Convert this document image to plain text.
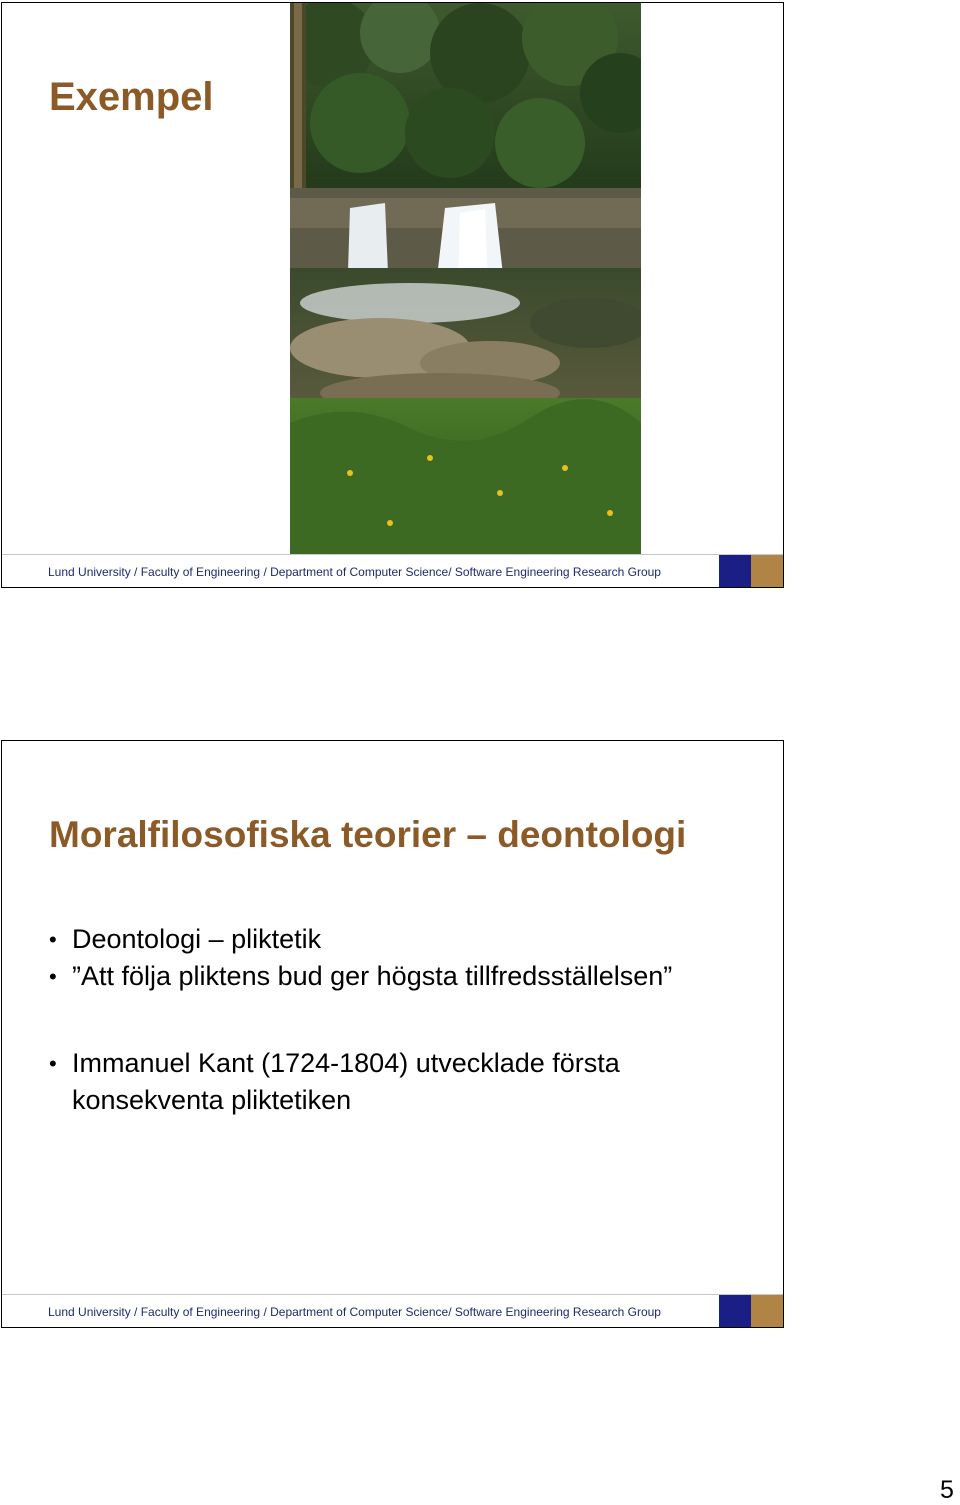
Exempel
Lund University / Faculty of Engineering / Department of Computer Science/ Software Engineering Research Group
Moralfilosofiska teorier – deontologi
• Deontologi – pliktetik
• ”Att följa pliktens bud ger högsta tillfredsställelsen”
• Immanuel Kant (1724-1804) utvecklade första konsekventa pliktetiken
Lund University / Faculty of Engineering / Department of Computer Science/ Software Engineering Research Group
5
